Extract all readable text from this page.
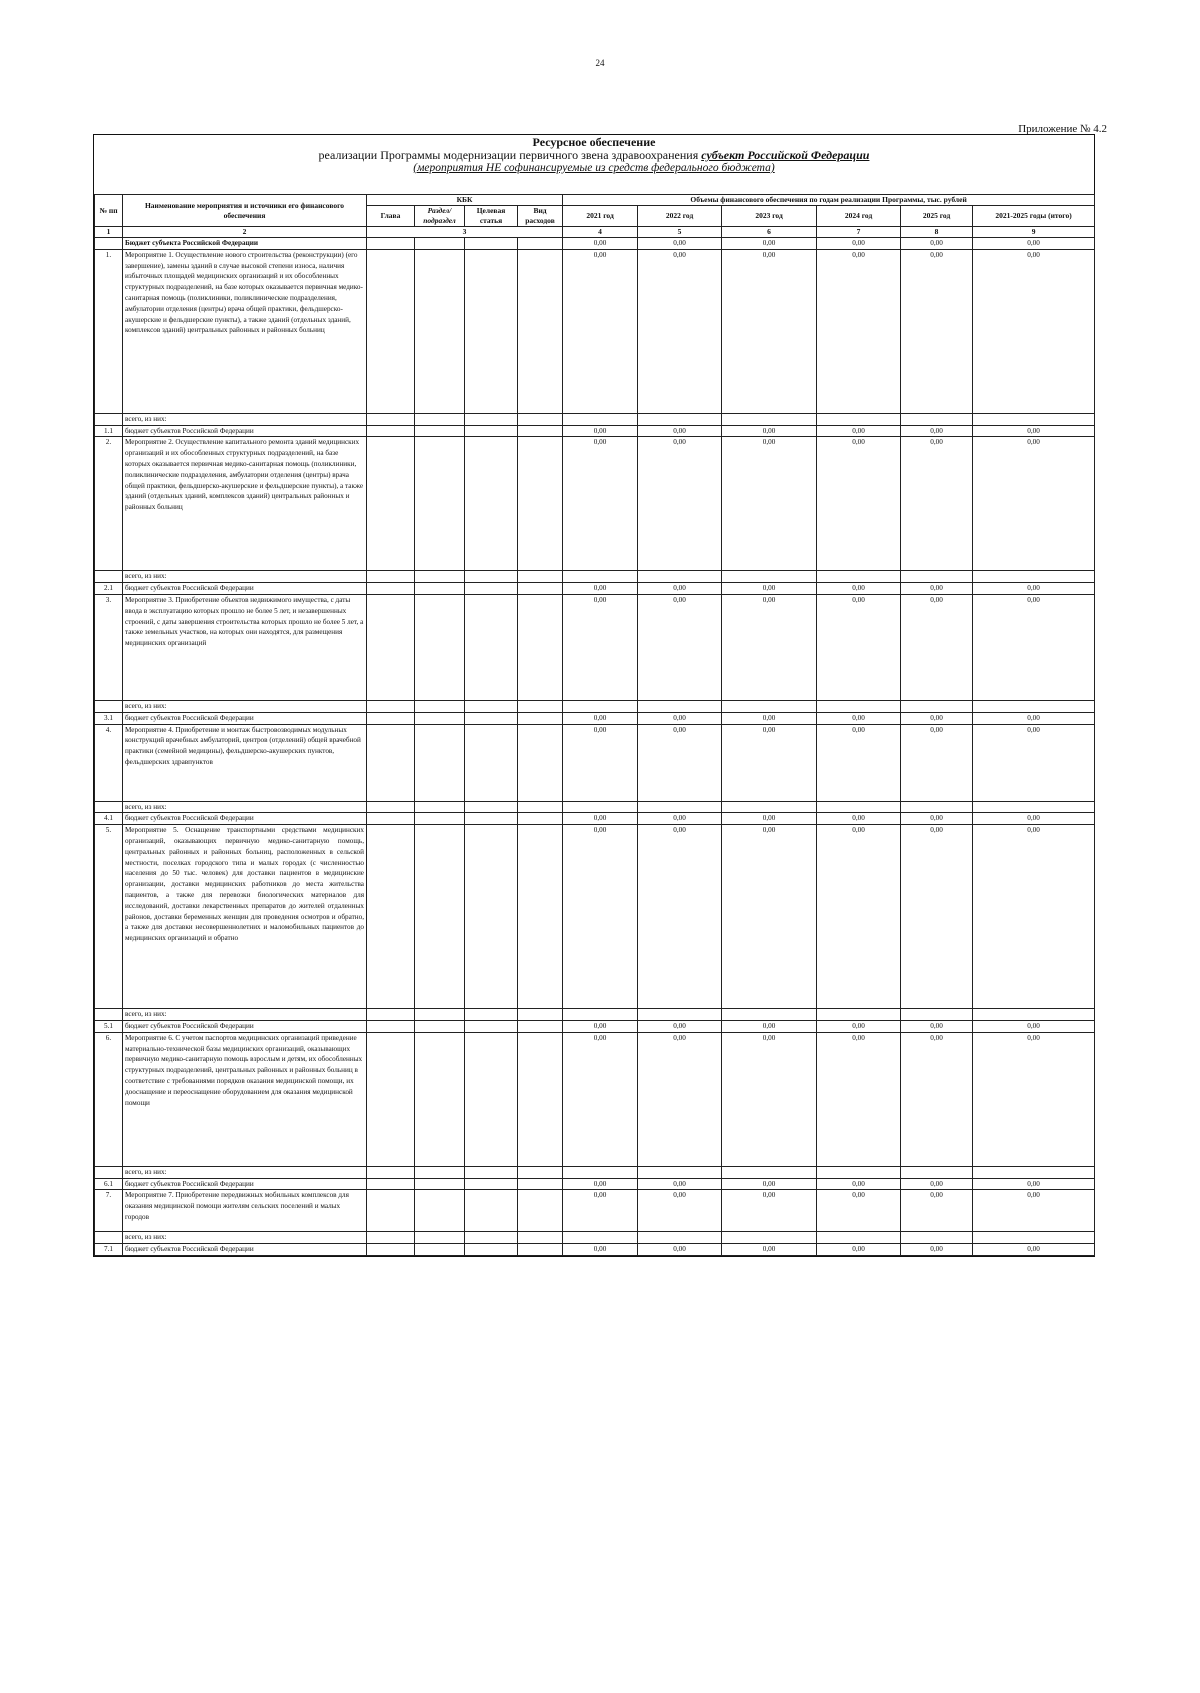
24
Приложение № 4.2
Ресурсное обеспечение
реализации Программы модернизации первичного звена здравоохранения субъект Российской Федерации
(мероприятия НЕ софинансируемые из средств федерального бюджета)
№ пп	Наименование мероприятия и источники его финансового обеспечения	КБК				Объемы финансового обеспечения по годам реализации Программы, тыс. рублей					
		Глава	Раздел/ подраздел	Целевая статья	Вид расходов	2021 год	2022 год	2023 год	2024 год	2025 год	2021-2025 годы (итого)
1	2	3				4	5	6	7	8	9
	Бюджет субъекта Российской Федерации					0,00	0,00	0,00	0,00	0,00	0,00
1.	Мероприятие 1. Осуществление нового строительства (реконструкции) (его завершение), замены зданий в случае высокой степени износа, наличия избыточных площадей медицинских организаций и их обособленных структурных подразделений, на базе которых оказывается первичная медико-санитарная помощь (поликлиники, поликлинические подразделения, амбулатории отделения (центры) врача общей практики, фельдшерско-акушерские и фельдшерские пункты), а также зданий (отдельных зданий, комплексов зданий) центральных районных и районных больниц					0,00	0,00	0,00	0,00	0,00	0,00
	всего, из них:										
1.1	бюджет субъектов Российской Федерации					0,00	0,00	0,00	0,00	0,00	0,00
2.	Мероприятие 2. Осуществление капитального ремонта зданий медицинских организаций и их обособленных структурных подразделений, на базе которых оказывается первичная медико-санитарная помощь (поликлиники, поликлинические подразделения, амбулатории отделения (центры) врача общей практики, фельдшерско-акушерские и фельдшерские пункты), а также зданий (отдельных зданий, комплексов зданий) центральных районных и районных больниц					0,00	0,00	0,00	0,00	0,00	0,00
	всего, из них:										
2.1	бюджет субъектов Российской Федерации					0,00	0,00	0,00	0,00	0,00	0,00
3.	Мероприятие 3. Приобретение объектов недвижимого имущества, с даты ввода в эксплуатацию которых прошло не более 5 лет, и незавершенных строений, с даты завершения строительства которых прошло не более 5 лет, а также земельных участков, на которых они находятся, для размещения медицинских организаций					0,00	0,00	0,00	0,00	0,00	0,00
	всего, из них:										
3.1	бюджет субъектов Российской Федерации					0,00	0,00	0,00	0,00	0,00	0,00
4.	Мероприятие 4. Приобретение и монтаж быстровозводимых модульных конструкций врачебных амбулаторий, центров (отделений) общей врачебной практики (семейной медицины), фельдшерско-акушерских пунктов, фельдшерских здравпунктов					0,00	0,00	0,00	0,00	0,00	0,00
	всего, из них:										
4.1	бюджет субъектов Российской Федерации					0,00	0,00	0,00	0,00	0,00	0,00
5.	Мероприятие 5. Оснащение транспортными средствами медицинских организаций, оказывающих первичную медико-санитарную помощь, центральных районных и районных больниц, расположенных в сельской местности, поселках городского типа и малых городах (с численностью населения до 50 тыс. человек) для доставки пациентов в медицинские организации, доставки медицинских работников до места жительства пациентов, а также для перевозки биологических материалов для исследований, доставки лекарственных препаратов до жителей отдаленных районов, доставки беременных женщин для проведения осмотров и обратно, а также для доставки несовершеннолетних и маломобильных пациентов до медицинских организаций и обратно					0,00	0,00	0,00	0,00	0,00	0,00
	всего, из них:										
5.1	бюджет субъектов Российской Федерации					0,00	0,00	0,00	0,00	0,00	0,00
6.	Мероприятие 6. С учетом паспортов медицинских организаций приведение материально-технической базы медицинских организаций, оказывающих первичную медико-санитарную помощь взрослым и детям, их обособленных структурных подразделений, центральных районных и районных больниц в соответствие с требованиями порядков оказания медицинской помощи, их дооснащение и переоснащение оборудованием для оказания медицинской помощи					0,00	0,00	0,00	0,00	0,00	0,00
	всего, из них:										
6.1	бюджет субъектов Российской Федерации					0,00	0,00	0,00	0,00	0,00	0,00
7.	Мероприятие 7. Приобретение передвижных мобильных комплексов для оказания медицинской помощи жителям сельских поселений и малых городов					0,00	0,00	0,00	0,00	0,00	0,00
	всего, из них:										
7.1	бюджет субъектов Российской Федерации					0,00	0,00	0,00	0,00	0,00	0,00
